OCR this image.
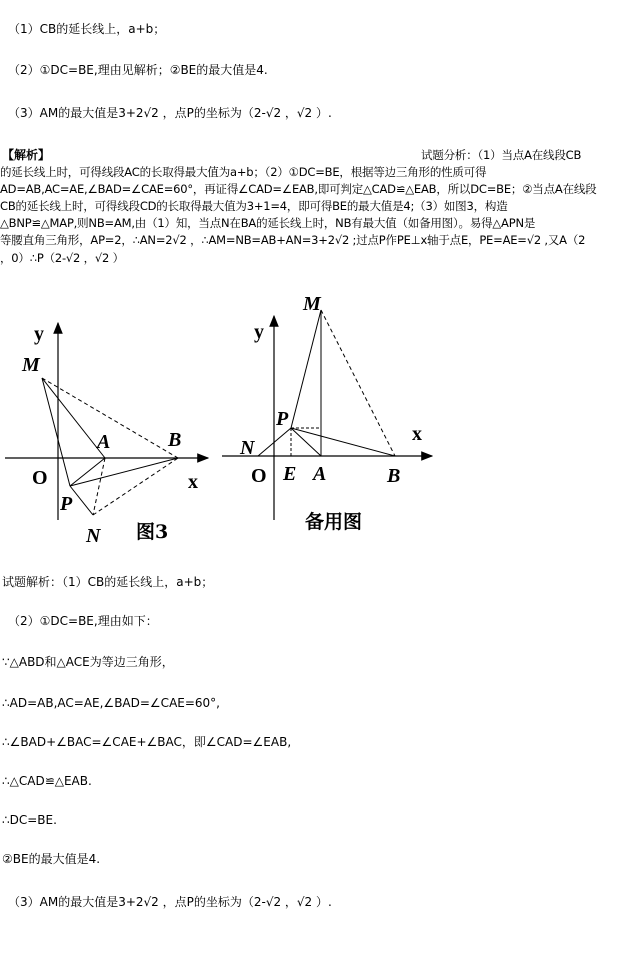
（1）CB的延长线上，a+b；
（2）①DC=BE,理由见解析；②BE的最大值是4.
（3）AM的最大值是3+2√2 ，点P的坐标为（2-√2 ，√2 ）.
【解析】	试题分析：（1）当点A在线段CB
的延长线上时，可得线段AC的长取得最大值为a+b；（2）①DC=BE，根据等边三角形的性质可得
AD=AB,AC=AE,∠BAD=∠CAE=60°，再证得∠CAD=∠EAB,即可判定△CAD≌△EAB，所以DC=BE；②当点A在线段
CB的延长线上时，可得线段CD的长取得最大值为3+1=4，即可得BE的最大值是4;（3）如图3，构造
△BNP≌△MAP,则NB=AM,由（1）知，当点N在BA的延长线上时，NB有最大值（如备用图）。易得△APN是
等腰直角三角形，AP=2，∴AN=2√2 ，∴AM=NB=AB+AN=3+2√2 ;过点P作PE⊥x轴于点E，PE=AE=√2 ,又A（2
，0）∴P（2-√2 ，√2 ）
y
M
A	B
O	x
P
N 图3
M
y
P
x
N
O E A	B
备用图
试题解析：（1）CB的延长线上，a+b；
（2）①DC=BE,理由如下：
∵△ABD和△ACE为等边三角形，
∴AD=AB,AC=AE,∠BAD=∠CAE=60°,
∴∠BAD+∠BAC=∠CAE+∠BAC，即∠CAD=∠EAB,
∴△CAD≌△EAB.
∴DC=BE.
②BE的最大值是4.
（3）AM的最大值是3+2√2 ，点P的坐标为（2-√2 ，√2 ）.
